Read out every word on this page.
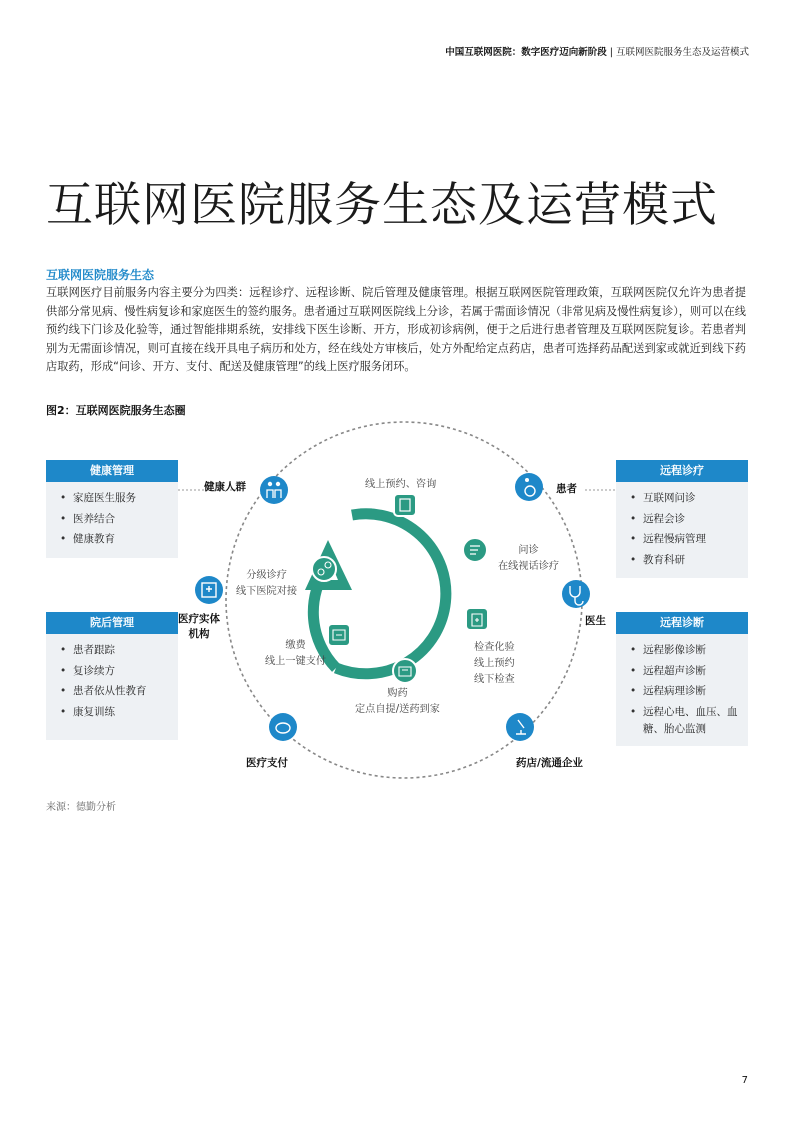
中国互联网医院：数字医疗迈向新阶段 | 互联网医院服务生态及运营模式
互联网医院服务生态及运营模式
互联网医院服务生态
互联网医疗目前服务内容主要分为四类：远程诊疗、远程诊断、院后管理及健康管理。根据互联网医院管理政策，互联网医院仅允许为患者提供部分常见病、慢性病复诊和家庭医生的签约服务。患者通过互联网医院线上分诊，若属于需面诊情况（非常见病及慢性病复诊），则可以在线预约线下门诊及化验等，通过智能排期系统，安排线下医生诊断、开方，形成初诊病例，便于之后进行患者管理及互联网医院复诊。若患者判别为无需面诊情况，则可直接在线开具电子病历和处方，经在线处方审核后，处方外配给定点药店，患者可选择药品配送到家或就近到线下药店取药，形成“问诊、开方、支付、配送及健康管理”的线上医疗服务闭环。
图2：互联网医院服务生态圈
健康人群	患者
医疗实体
机构
医生
医疗支付	药店/流通企业
线上预约、咨询
问诊
在线视话诊疗
检查化验
线上预约
线下检查
购药
定点自提/送药到家
缴费
线上一键支付
分级诊疗
线下医院对接
健康管理
• 家庭医生服务
• 医养结合
• 健康教育
院后管理
• 患者跟踪
• 复诊续方
• 患者依从性教育
• 康复训练
远程诊疗
• 互联网问诊
• 远程会诊
• 远程慢病管理
• 教育科研
远程诊断
• 远程影像诊断
• 远程超声诊断
• 远程病理诊断
• 远程心电、血压、血糖、胎心监测
来源：德勤分析
7
